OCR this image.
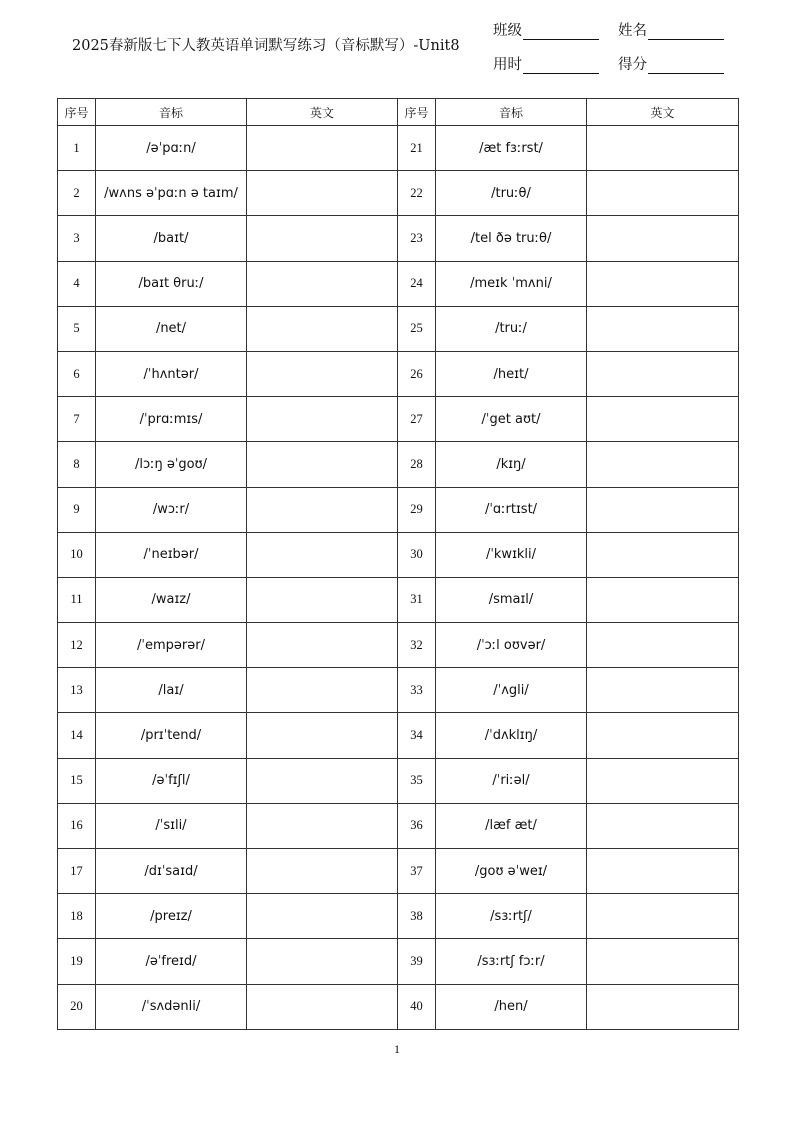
2025春新版七下人教英语单词默写练习（音标默写）-Unit8
班级	姓名
用时	得分
序号	音标	英文	序号	音标	英文
1	/əˈpɑːn/		21	/æt fɜːrst/	
2	/wʌns əˈpɑːn ə taɪm/		22	/truːθ/	
3	/baɪt/		23	/tel ðə truːθ/	
4	/baɪt θruː/		24	/meɪk ˈmʌni/	
5	/net/		25	/truː/	
6	/ˈhʌntər/		26	/heɪt/	
7	/ˈprɑːmɪs/		27	/ˈget aʊt/	
8	/lɔːŋ əˈgoʊ/		28	/kɪŋ/	
9	/wɔːr/		29	/ˈɑːrtɪst/	
10	/ˈneɪbər/		30	/ˈkwɪkli/	
11	/waɪz/		31	/smaɪl/	
12	/ˈempərər/		32	/ˈɔːl oʊvər/	
13	/laɪ/		33	/ˈʌgli/	
14	/prɪˈtend/		34	/ˈdʌklɪŋ/	
15	/əˈfɪʃl/		35	/ˈriːəl/	
16	/ˈsɪli/		36	/læf æt/	
17	/dɪˈsaɪd/		37	/goʊ əˈweɪ/	
18	/preɪz/		38	/sɜːrtʃ/	
19	/əˈfreɪd/		39	/sɜːrtʃ fɔːr/	
20	/ˈsʌdənli/		40	/hen/	
1
